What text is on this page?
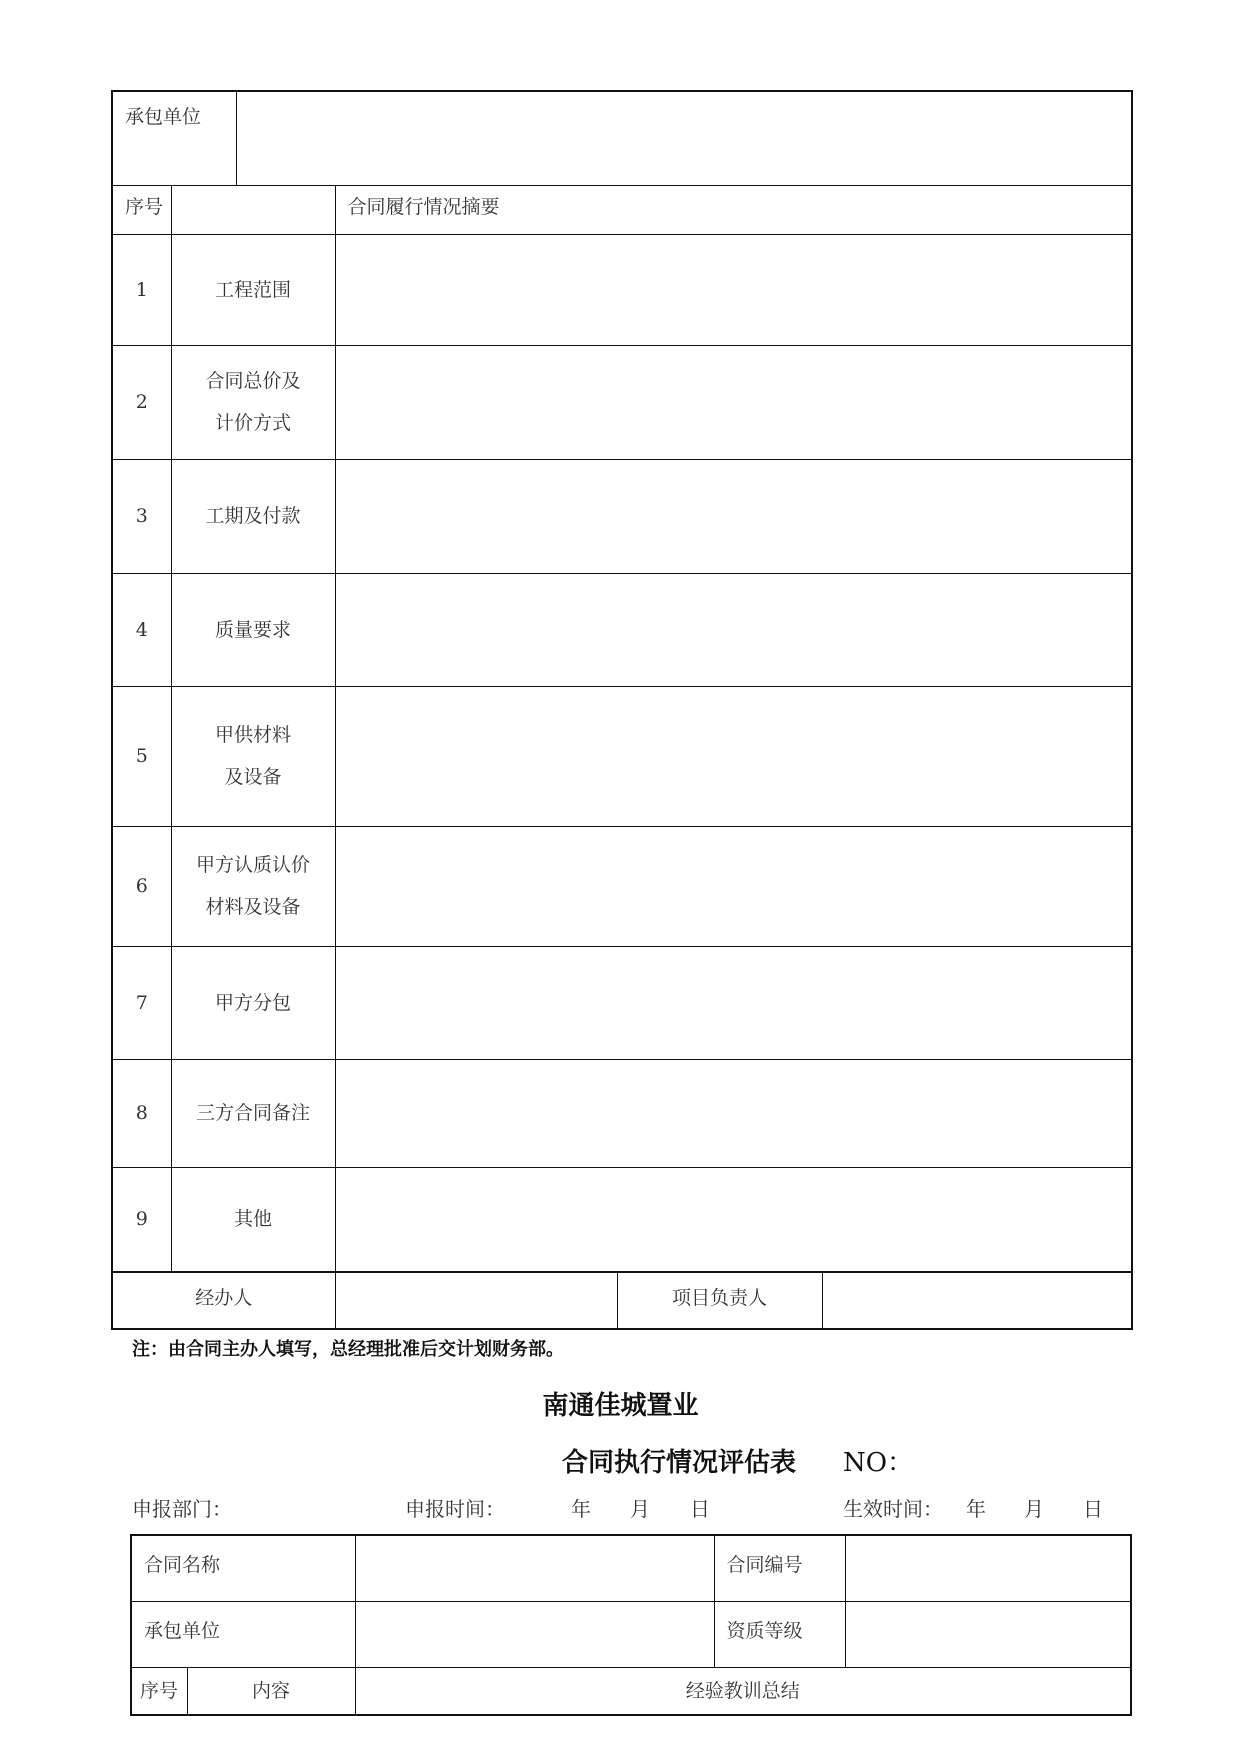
承包单位					
序号			合同履行情况摘要		
1	工程范围				

2	合同总价及
计价方式				

3	工期及付款				

4	质量要求				

5	甲供材料
及设备				

6	甲方认质认价
材料及设备				

7	甲方分包				

8	三方合同备注				

9	其他				

经办人				项目负责人	
注：由合同主办人填写，总经理批准后交计划财务部。
南通佳城置业
合同执行情况评估表 NO：
申报部门：	申报时间：	年 月 日	生效时间： 年 月 日
合同名称			合同编号	
承包单位			资质等级	
序号	内容	经验教训总结		
